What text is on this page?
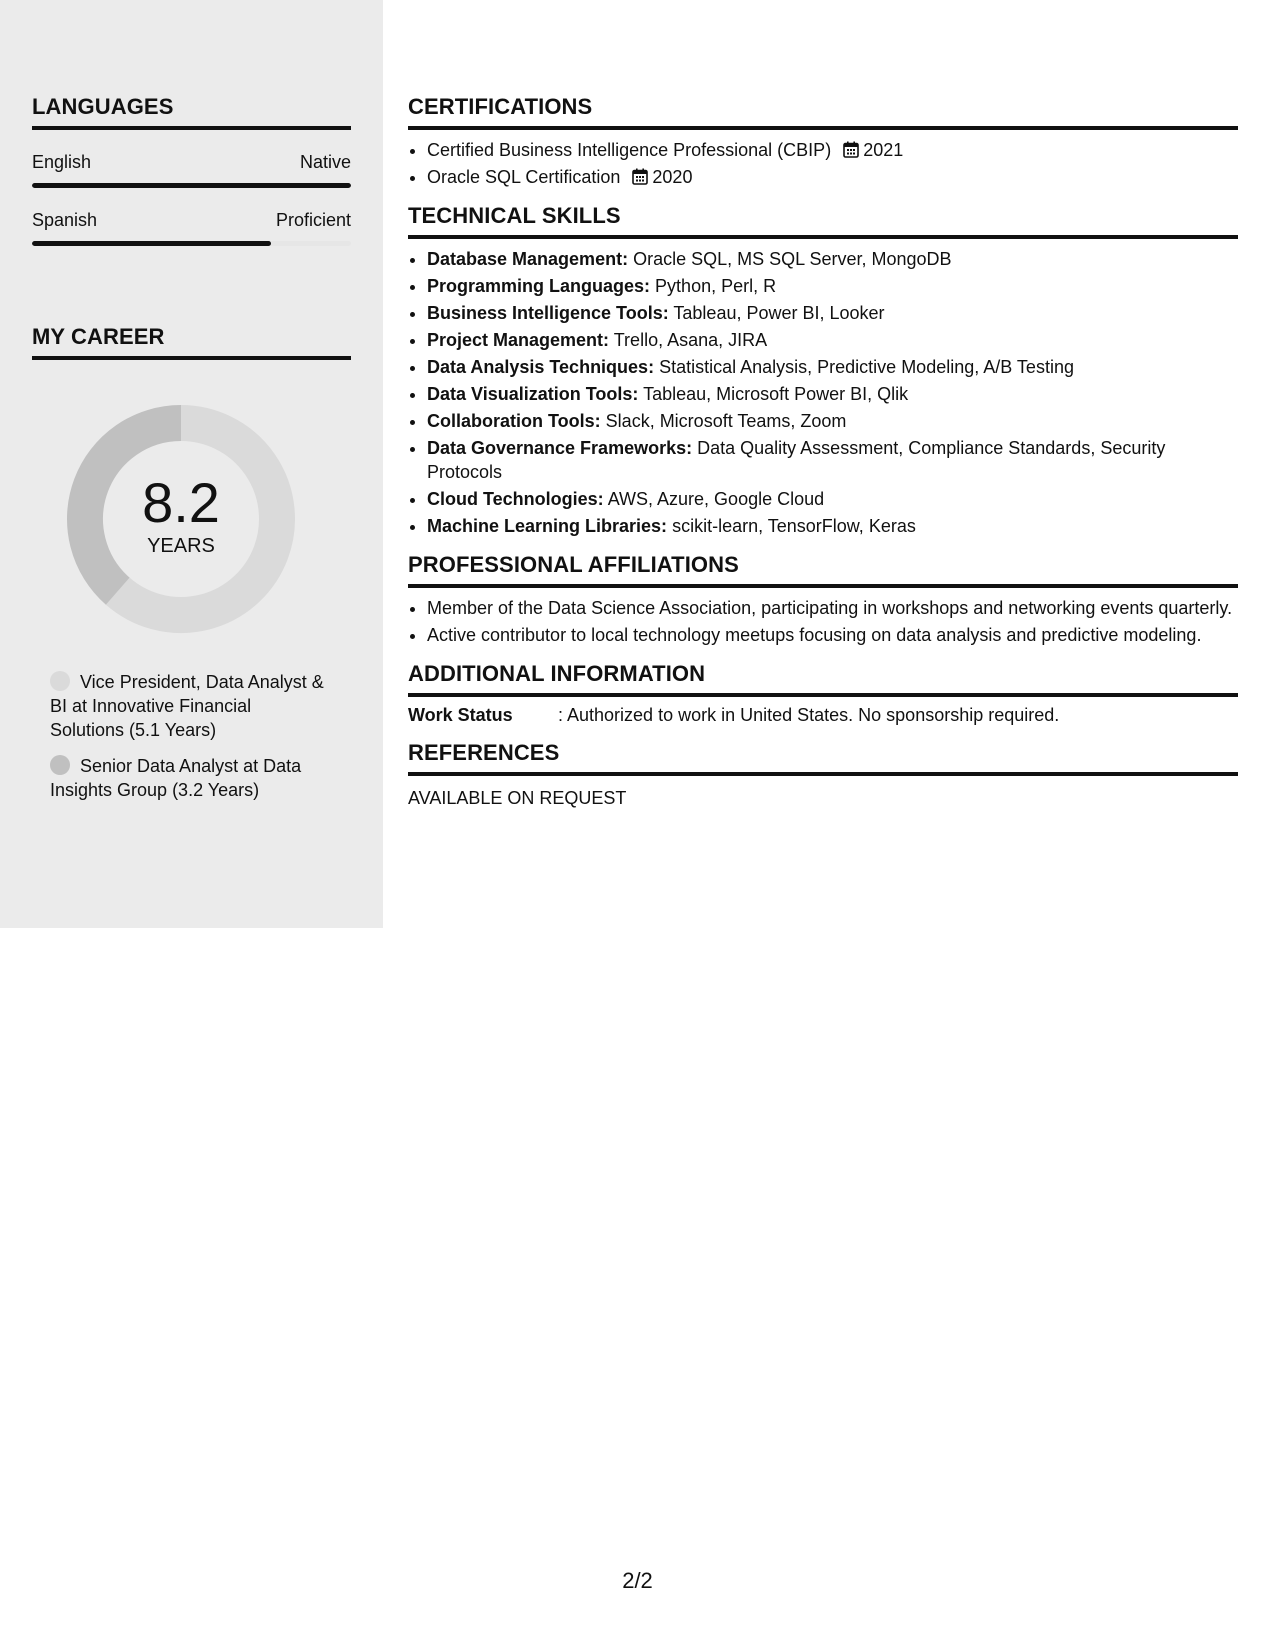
LANGUAGES
English	Native
Spanish	Proficient
MY CAREER
8.2
YEARS
Vice President, Data Analyst & BI at Innovative Financial Solutions (5.1 Years)
Senior Data Analyst at Data Insights Group (3.2 Years)
CERTIFICATIONS
• Certified Business Intelligence Professional (CBIP) 2021
• Oracle SQL Certification 2020
TECHNICAL SKILLS
• Database Management: Oracle SQL, MS SQL Server, MongoDB
• Programming Languages: Python, Perl, R
• Business Intelligence Tools: Tableau, Power BI, Looker
• Project Management: Trello, Asana, JIRA
• Data Analysis Techniques: Statistical Analysis, Predictive Modeling, A/B Testing
• Data Visualization Tools: Tableau, Microsoft Power BI, Qlik
• Collaboration Tools: Slack, Microsoft Teams, Zoom
• Data Governance Frameworks: Data Quality Assessment, Compliance Standards, Security Protocols
• Cloud Technologies: AWS, Azure, Google Cloud
• Machine Learning Libraries: scikit-learn, TensorFlow, Keras
PROFESSIONAL AFFILIATIONS
• Member of the Data Science Association, participating in workshops and networking events quarterly.
• Active contributor to local technology meetups focusing on data analysis and predictive modeling.
ADDITIONAL INFORMATION
Work Status	: Authorized to work in United States. No sponsorship required.
REFERENCES
AVAILABLE ON REQUEST
2/2
